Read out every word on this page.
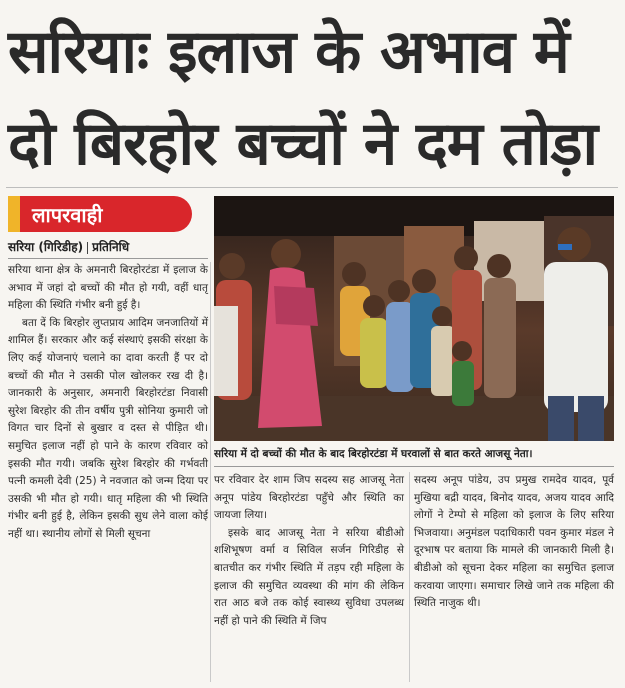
सरियाः इलाज के अभाव में
दो बिरहोर बच्चों ने दम तोड़ा
लापरवाही
सरिया (गिरिडीह) प्रतिनिधि

सरिया थाना क्षेत्र के अमनारी बिरहोरटंडा में इलाज के अभाव में जहां दो बच्चों की मौत हो गयी, वहीं धातृ महिला की स्थिति गंभीर बनी हुई है।

बता दें कि बिरहोर लुप्तप्राय आदिम जनजातियों में शामिल हैं। सरकार और कई संस्थाएं इसकी संरक्षा के लिए कई योजनाएं चलाने का दावा करती हैं पर दो बच्चों की मौत ने उसकी पोल खोलकर रख दी है। जानकारी के अनुसार, अमनारी बिरहोरटंडा निवासी सुरेश बिरहोर की तीन वर्षीय पुत्री सोनिया कुमारी जो विगत चार दिनों से बुखार व दस्त से पीड़ित थी। समुचित इलाज नहीं हो पाने के कारण रविवार को इसकी मौत गयी। जबकि सुरेश बिरहोर की गर्भवती पत्नी कमली देवी (25) ने नवजात को जन्म दिया पर उसकी भी मौत हो गयी। धातृ महिला की भी स्थिति गंभीर बनी हुई है, लेकिन इसकी सुध लेने वाला कोई नहीं था। स्थानीय लोगों से मिली सूचना

सरिया में दो बच्चों की मौत के बाद बिरहोरटंडा में घरवालों से बात करते आजसू नेता।

पर रविवार देर शाम जिप सदस्य सह आजसू नेता अनूप पांडेय बिरहोरटंडा पहुँचे और स्थिति का जायजा लिया।

इसके बाद आजसू नेता ने सरिया बीडीओ शशिभूषण वर्मा व सिविल सर्जन गिरिडीह से बातचीत कर गंभीर स्थिति में तड़प रही महिला के इलाज की समुचित व्यवस्था की मांग की लेकिन रात आठ बजे तक कोई स्वास्थ्य सुविधा उपलब्ध नहीं हो पाने की स्थिति में जिप

सदस्य अनूप पांडेय, उप प्रमुख रामदेव यादव, पूर्व मुखिया बद्री यादव, बिनोद यादव, अजय यादव आदि लोगों ने टेम्पो से महिला को इलाज के लिए सरिया भिजवाया। अनुमंडल पदाधिकारी पवन कुमार मंडल ने दूरभाष पर बताया कि मामले की जानकारी मिली है। बीडीओ को सूचना देकर महिला का समुचित इलाज करवाया जाएगा। समाचार लिखे जाने तक महिला की स्थिति नाजुक थी।
